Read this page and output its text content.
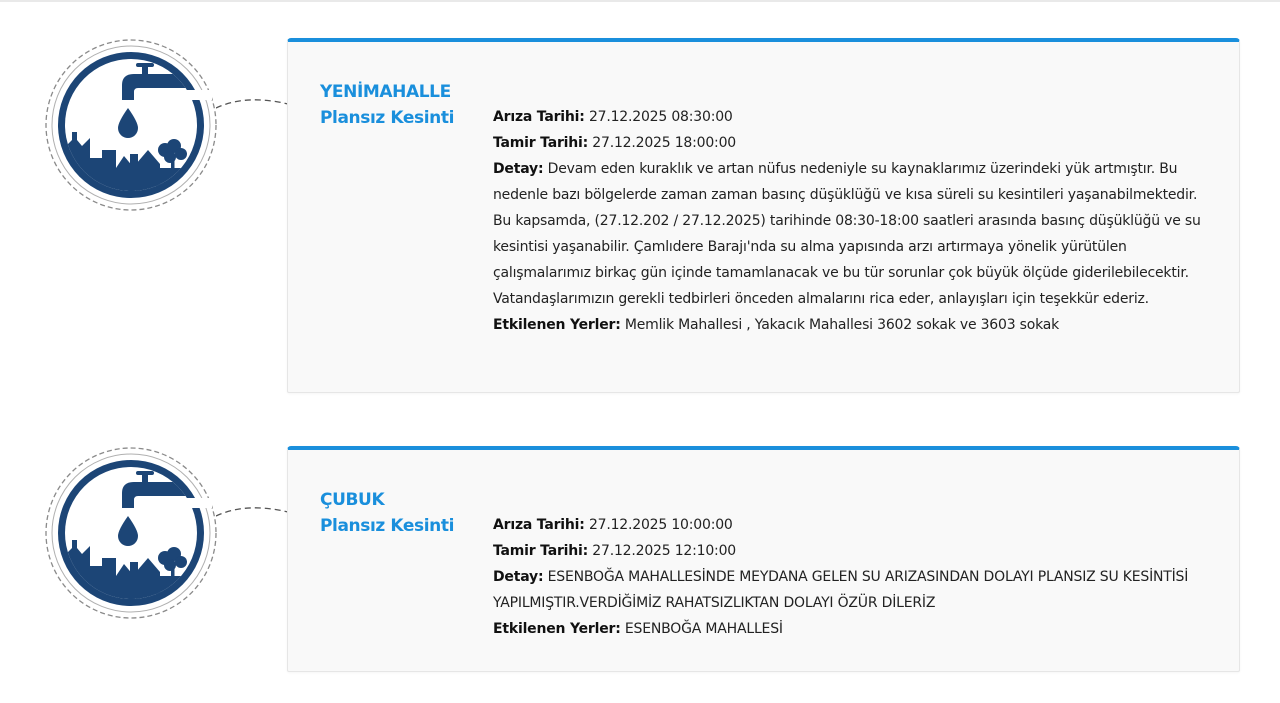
YENİMAHALLE
Plansız Kesinti	Arıza Tarihi: 27.12.2025 08:30:00
Tamir Tarihi: 27.12.2025 18:00:00
Detay: Devam eden kuraklık ve artan nüfus nedeniyle su kaynaklarımız üzerindeki yük artmıştır. Bu nedenle bazı bölgelerde zaman zaman basınç düşüklüğü ve kısa süreli su kesintileri yaşanabilmektedir. Bu kapsamda, (27.12.202 / 27.12.2025) tarihinde 08:30-18:00 saatleri arasında basınç düşüklüğü ve su kesintisi yaşanabilir. Çamlıdere Barajı'nda su alma yapısında arzı artırmaya yönelik yürütülen çalışmalarımız birkaç gün içinde tamamlanacak ve bu tür sorunlar çok büyük ölçüde giderilebilecektir. Vatandaşlarımızın gerekli tedbirleri önceden almalarını rica eder, anlayışları için teşekkür ederiz.
Etkilenen Yerler: Memlik Mahallesi , Yakacık Mahallesi 3602 sokak ve 3603 sokak
ÇUBUK
Plansız Kesinti	Arıza Tarihi: 27.12.2025 10:00:00
Tamir Tarihi: 27.12.2025 12:10:00
Detay: ESENBOĞA MAHALLESİNDE MEYDANA GELEN SU ARIZASINDAN DOLAYI PLANSIZ SU KESİNTİSİ YAPILMIŞTIR.VERDİĞİMİZ RAHATSIZLIKTAN DOLAYI ÖZÜR DİLERİZ
Etkilenen Yerler: ESENBOĞA MAHALLESİ
